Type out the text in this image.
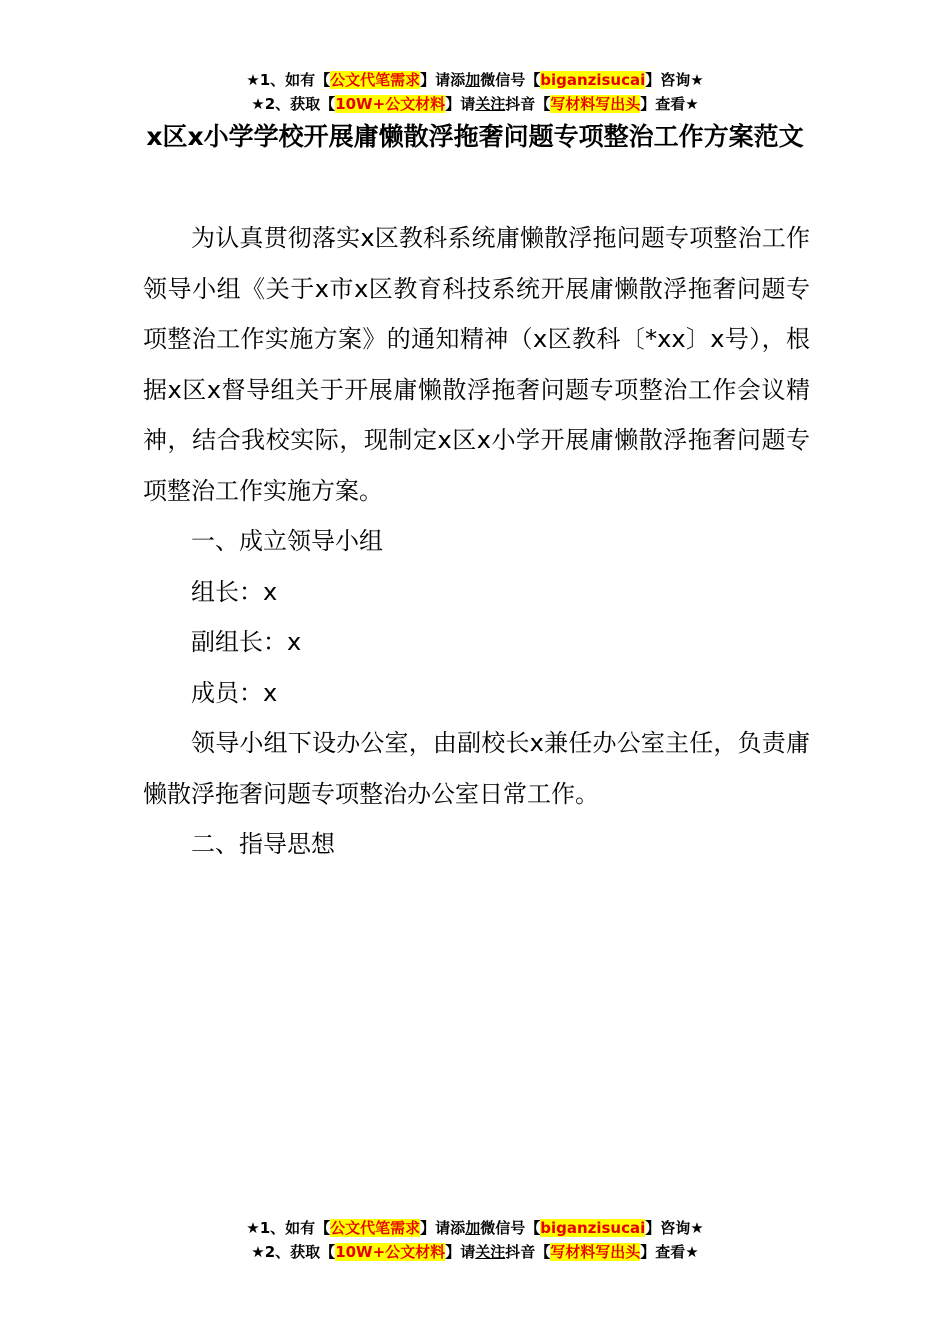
★1、如有【公文代笔需求】请添加微信号【biganzisucai】咨询★
★2、获取【10W+公文材料】请关注抖音【写材料写出头】查看★
x区x小学学校开展庸懒散浮拖奢问题专项整治工作方案范文

为认真贯彻落实x区教科系统庸懒散浮拖问题专项整治工作领导小组《关于x市x区教育科技系统开展庸懒散浮拖奢问题专项整治工作实施方案》的通知精神（x区教科〔*xx〕x号），根据x区x督导组关于开展庸懒散浮拖奢问题专项整治工作会议精神，结合我校实际，现制定x区x小学开展庸懒散浮拖奢问题专项整治工作实施方案。

一、成立领导小组

组长：x

副组长：x

成员：x

领导小组下设办公室，由副校长x兼任办公室主任，负责庸懒散浮拖奢问题专项整治办公室日常工作。

二、指导思想

★1、如有【公文代笔需求】请添加微信号【biganzisucai】咨询★
★2、获取【10W+公文材料】请关注抖音【写材料写出头】查看★
